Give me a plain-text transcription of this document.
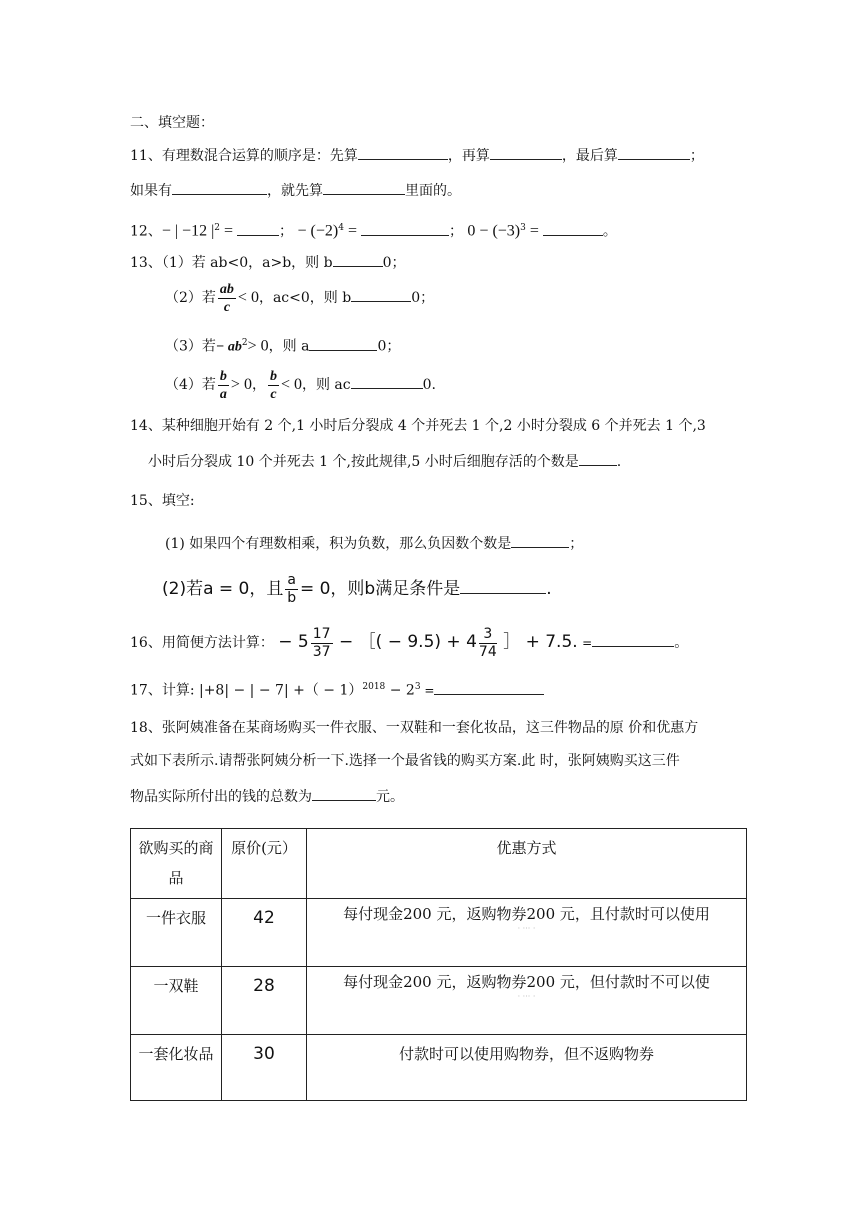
二、填空题：
11、有理数混合运算的顺序是：先算	，再算	，最后算	；
如果有	，就先算	里面的。
12、− | −12 $|^2$ =	； − $(-2)^4$ =	； $0 - (-3)^3$ =	。
13、（1）若 ab<0，a>b，则 b	0；
（2）若 $\frac{ab}{c} < 0$，ac<0，则 b	0；
（3）若− $ab^2> 0$，则 a	0；
（4）若 $\frac{b}{a} > 0$， $\frac{b}{c} < 0$，则 ac	0.
14、某种细胞开始有 2 个,1 小时后分裂成 4 个并死去 1 个,2 小时分裂成 6 个并死去 1 个,3
小时后分裂成 10 个并死去 1 个,按此规律,5 小时后细胞存活的个数是	.
15、填空:
(1) 如果四个有理数相乘，积为负数，那么负因数个数是	；
(2)若a = 0，且 $\frac{a}{b} = 0$，则b满足条件是	.
16、用简便方法计算： − $5 \frac{17}{37}$ − ［( − $9.5) + 4 \frac{3}{74}$ ］ + 7.5. =	。
17、计算: |+8| − | − 7| +（ − $1)^{2018} - 2^3$ =
18、张阿姨准备在某商场购买一件衣服、一双鞋和一套化妆品，这三件物品的原 价和优惠方
式如下表所示.请帮张阿姨分析一下.选择一个最省钱的购买方案.此 时，张阿姨购买这三件
物品实际所付出的钱的总数为	元。
欲购买的商品	原价(元）	优惠方式
一件衣服	42	每付现金200 元，返购物券200 元，且付款时可以使用
· ··· ·

一双鞋	28	每付现金200 元，返购物券200 元，但付款时不可以使
· ··· ·

一套化妆品	30	付款时可以使用购物券，但不返购物券
